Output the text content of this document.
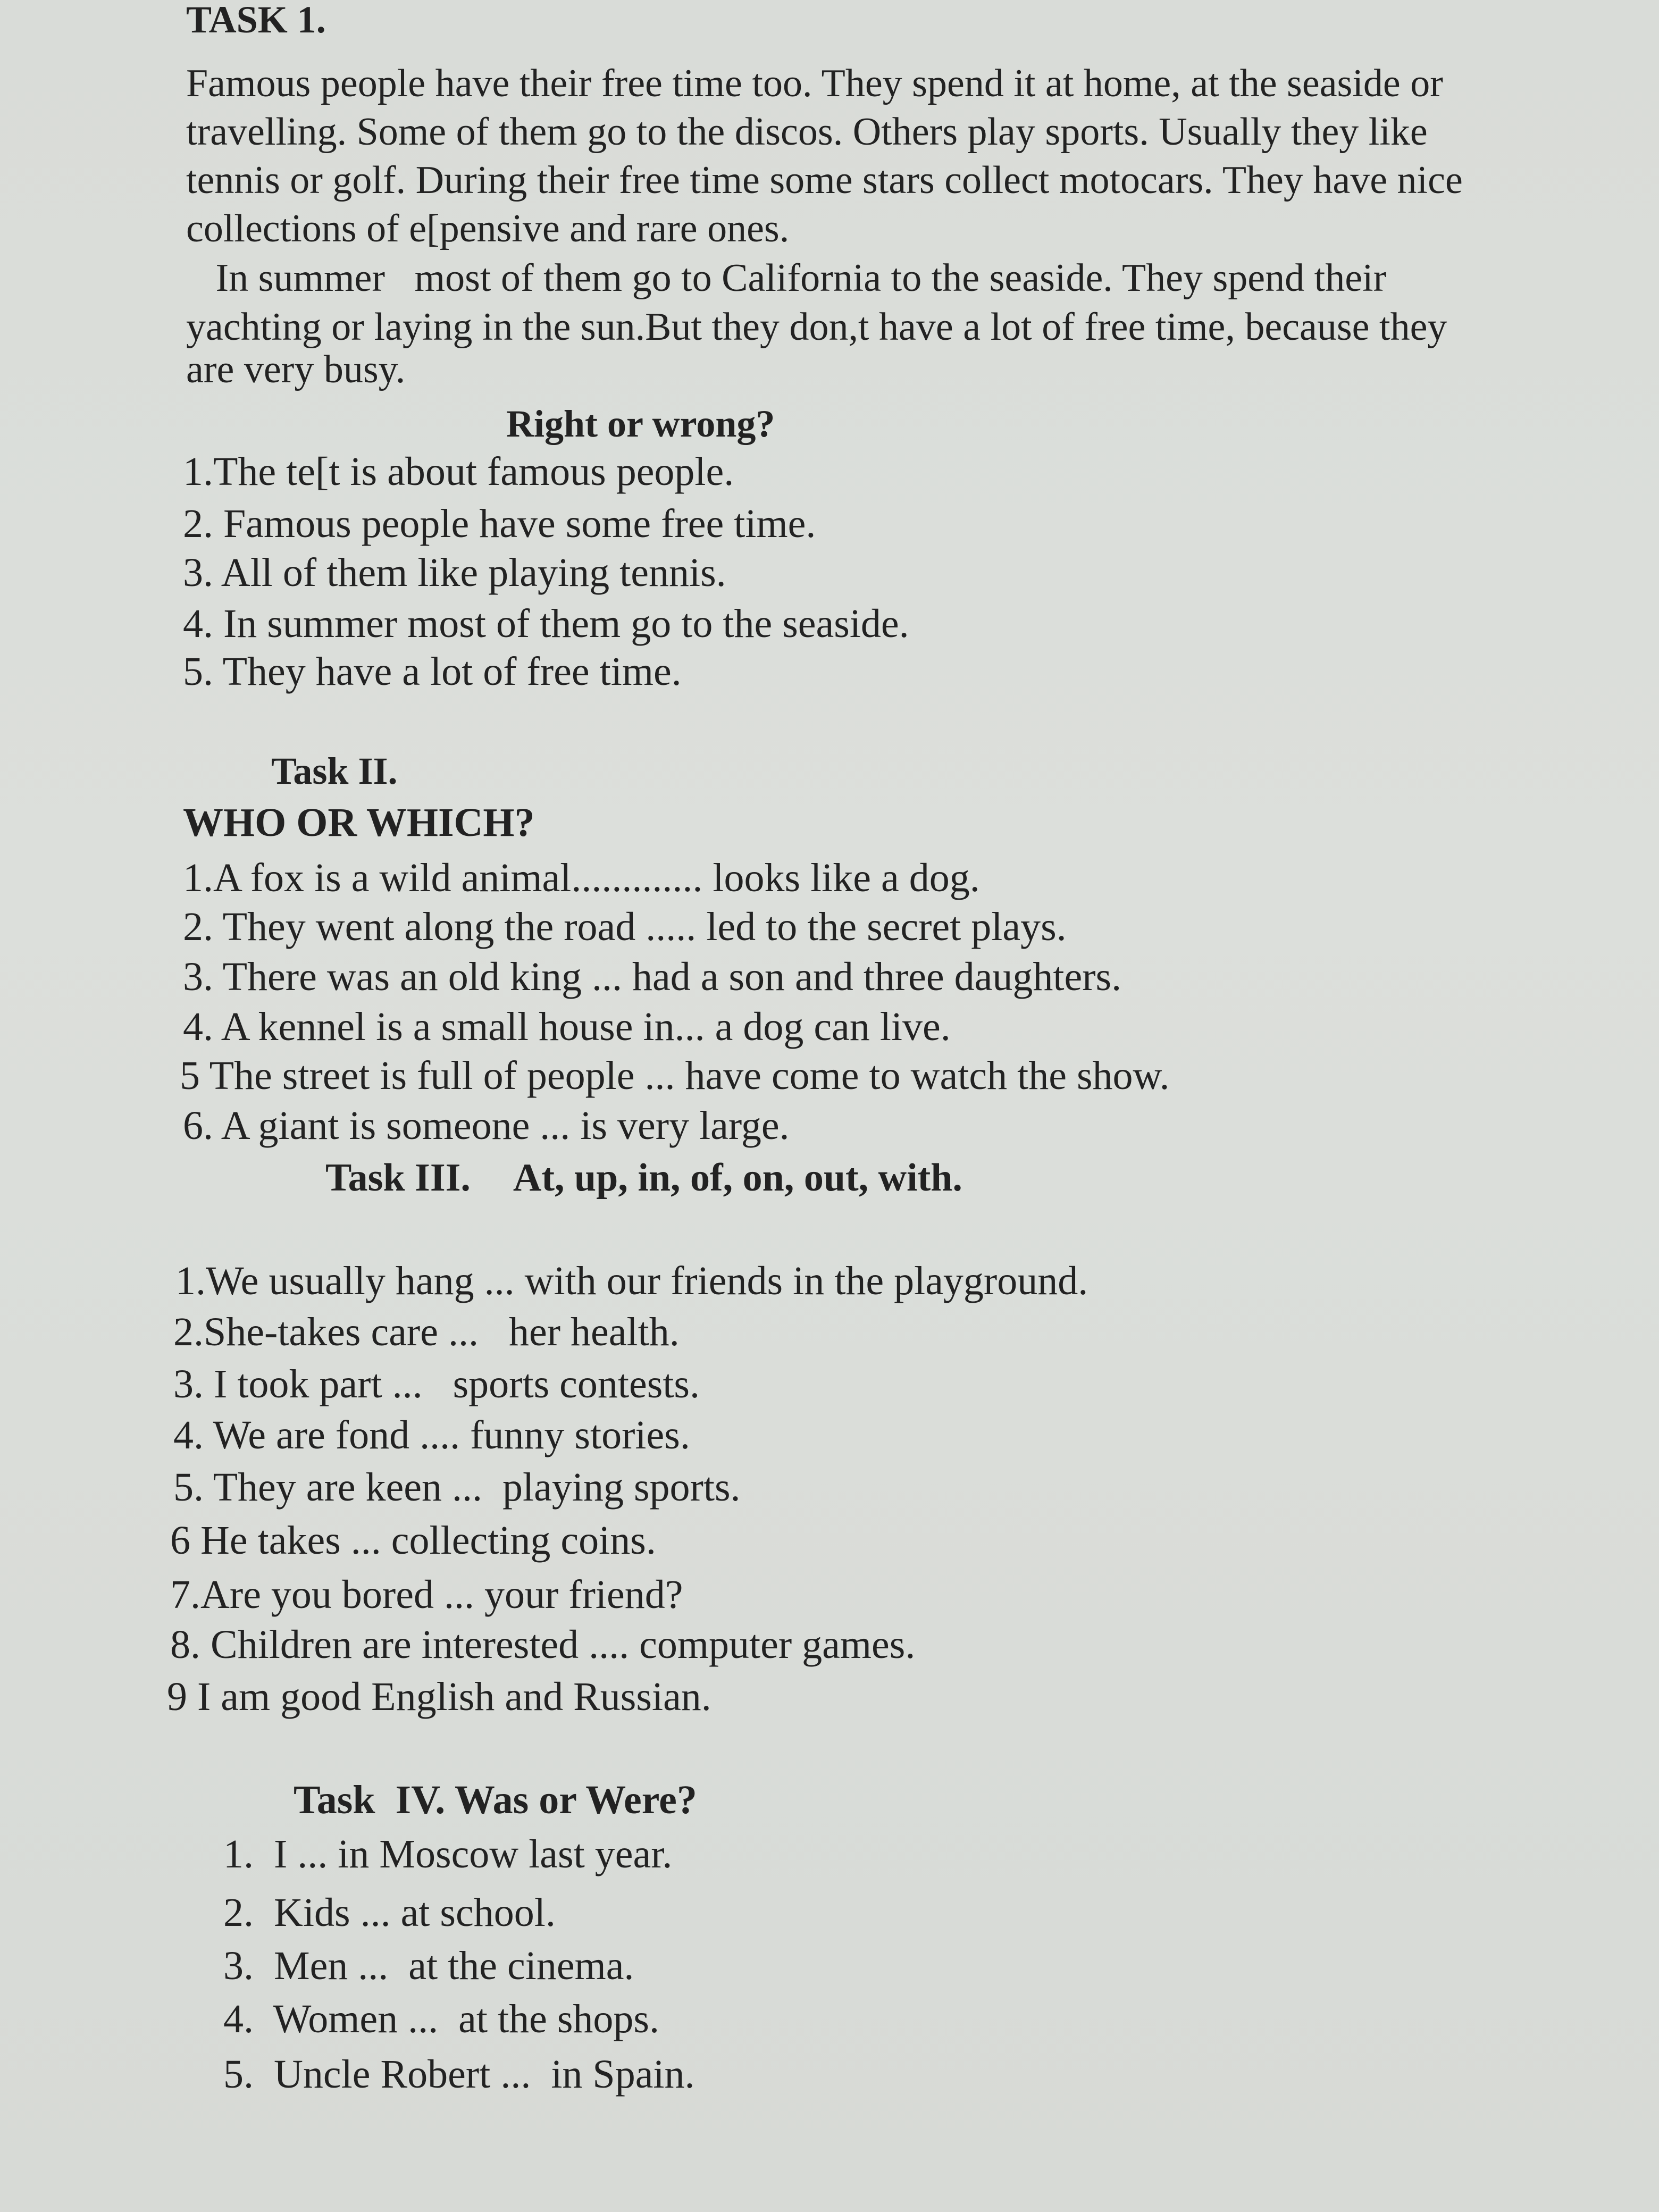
TASK 1.
Famous people have their free time too. They spend it at home, at the seaside or
travelling. Some of them go to the discos. Others play sports. Usually they like
tennis or golf. During their free time some stars collect motocars. They have nice
collections of e[pensive and rare ones.
In summer   most of them go to California to the seaside. They spend their
yachting or laying in the sun.But they don,t have a lot of free time, because they
are very busy.
Right or wrong?
1.The te[t is about famous people.
2. Famous people have some free time.
3. All of them like playing tennis.
4. In summer most of them go to the seaside.
5. They have a lot of free time.
Task II.
WHO OR WHICH?
1.A fox is a wild animal............. looks like a dog.
2. They went along the road ..... led to the secret plays.
3. There was an old king ... had a son and three daughters.
4. A kennel is a small house in... a dog can live.
5 The street is full of people ... have come to watch the show.
6. A giant is someone ... is very large.
Task III. At, up, in, of, on, out, with.
1.We usually hang ... with our friends in the playground.
2.She-takes care ...   her health.
3. I took part ...   sports contests.
4. We are fond .... funny stories.
5. They are keen ...  playing sports.
6 He takes ... collecting coins.
7.Are you bored ... your friend?
8. Children are interested .... computer games.
9 I am good English and Russian.
Task  IV. Was or Were?
1.  I ... in Moscow last year.
2.  Kids ... at school.
3.  Men ...  at the cinema.
4.  Women ...  at the shops.
5.  Uncle Robert ...  in Spain.
